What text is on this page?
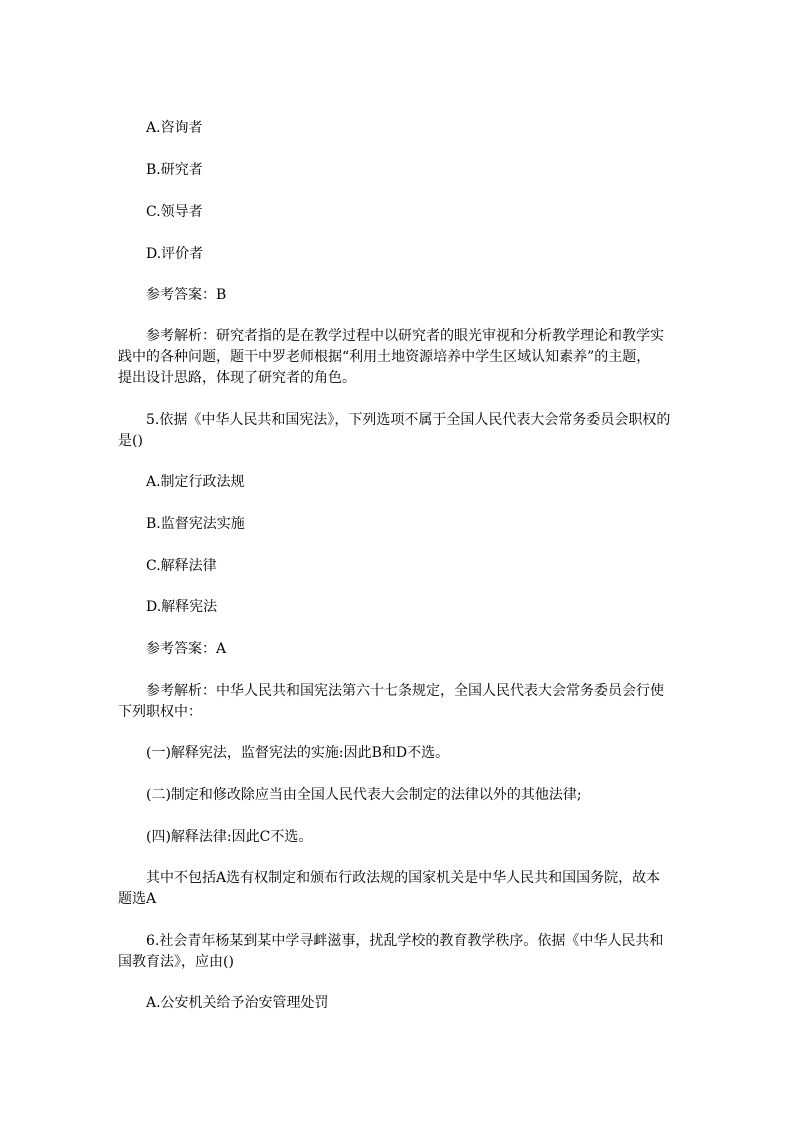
A.咨询者
B.研究者
C.领导者
D.评价者
参考答案：B
参考解析：研究者指的是在教学过程中以研究者的眼光审视和分析教学理论和教学实
践中的各种问题，题干中罗老师根据“利用土地资源培养中学生区域认知素养”的主题，
提出设计思路，体现了研究者的角色。
5.依据《中华人民共和国宪法》，下列选项不属于全国人民代表大会常务委员会职权的
是()
A.制定行政法规
B.监督宪法实施
C.解释法律
D.解释宪法
参考答案：A
参考解析：中华人民共和国宪法第六十七条规定，全国人民代表大会常务委员会行使
下列职权中：
(一)解释宪法，监督宪法的实施:因此B和D不选。
(二)制定和修改除应当由全国人民代表大会制定的法律以外的其他法律;
(四)解释法律:因此C不选。
其中不包括A选有权制定和颁布行政法规的国家机关是中华人民共和国国务院，故本
题选A
6.社会青年杨某到某中学寻衅滋事，扰乱学校的教育教学秩序。依据《中华人民共和
国教育法》，应由()
A.公安机关给予治安管理处罚
